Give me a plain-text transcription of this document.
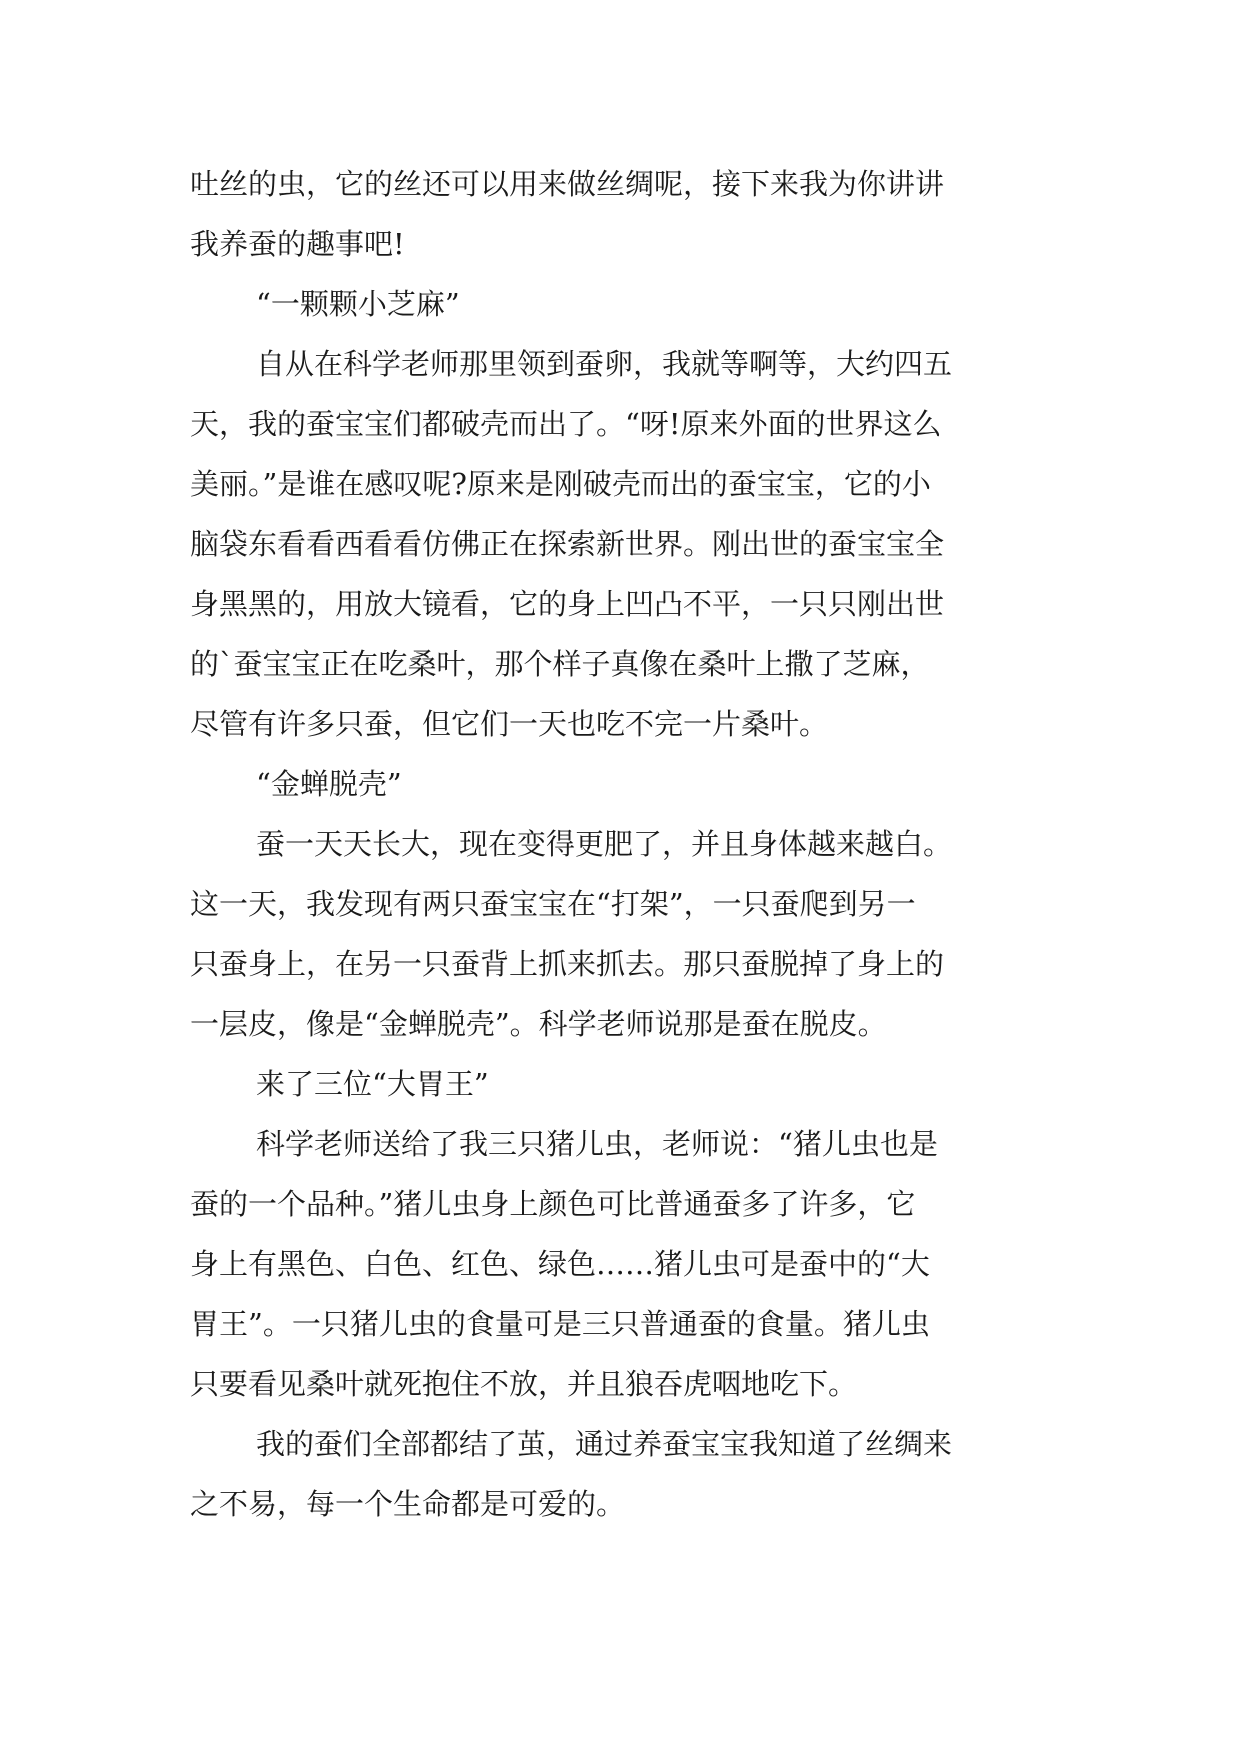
吐丝的虫，它的丝还可以用来做丝绸呢，接下来我为你讲讲

我养蚕的趣事吧!

“一颗颗小芝麻”

自从在科学老师那里领到蚕卵，我就等啊等，大约四五

天，我的蚕宝宝们都破壳而出了。“呀!原来外面的世界这么

美丽。”是谁在感叹呢?原来是刚破壳而出的蚕宝宝，它的小

脑袋东看看西看看仿佛正在探索新世界。刚出世的蚕宝宝全

身黑黑的，用放大镜看，它的身上凹凸不平，一只只刚出世

的`蚕宝宝正在吃桑叶，那个样子真像在桑叶上撒了芝麻，

尽管有许多只蚕，但它们一天也吃不完一片桑叶。

“金蝉脱壳”

蚕一天天长大，现在变得更肥了，并且身体越来越白。

这一天，我发现有两只蚕宝宝在“打架”，一只蚕爬到另一

只蚕身上，在另一只蚕背上抓来抓去。那只蚕脱掉了身上的

一层皮，像是“金蝉脱壳”。科学老师说那是蚕在脱皮。

来了三位“大胃王”

科学老师送给了我三只猪儿虫，老师说：“猪儿虫也是

蚕的一个品种。”猪儿虫身上颜色可比普通蚕多了许多，它

身上有黑色、白色、红色、绿色……猪儿虫可是蚕中的“大

胃王”。一只猪儿虫的食量可是三只普通蚕的食量。猪儿虫

只要看见桑叶就死抱住不放，并且狼吞虎咽地吃下。

我的蚕们全部都结了茧，通过养蚕宝宝我知道了丝绸来

之不易，每一个生命都是可爱的。
